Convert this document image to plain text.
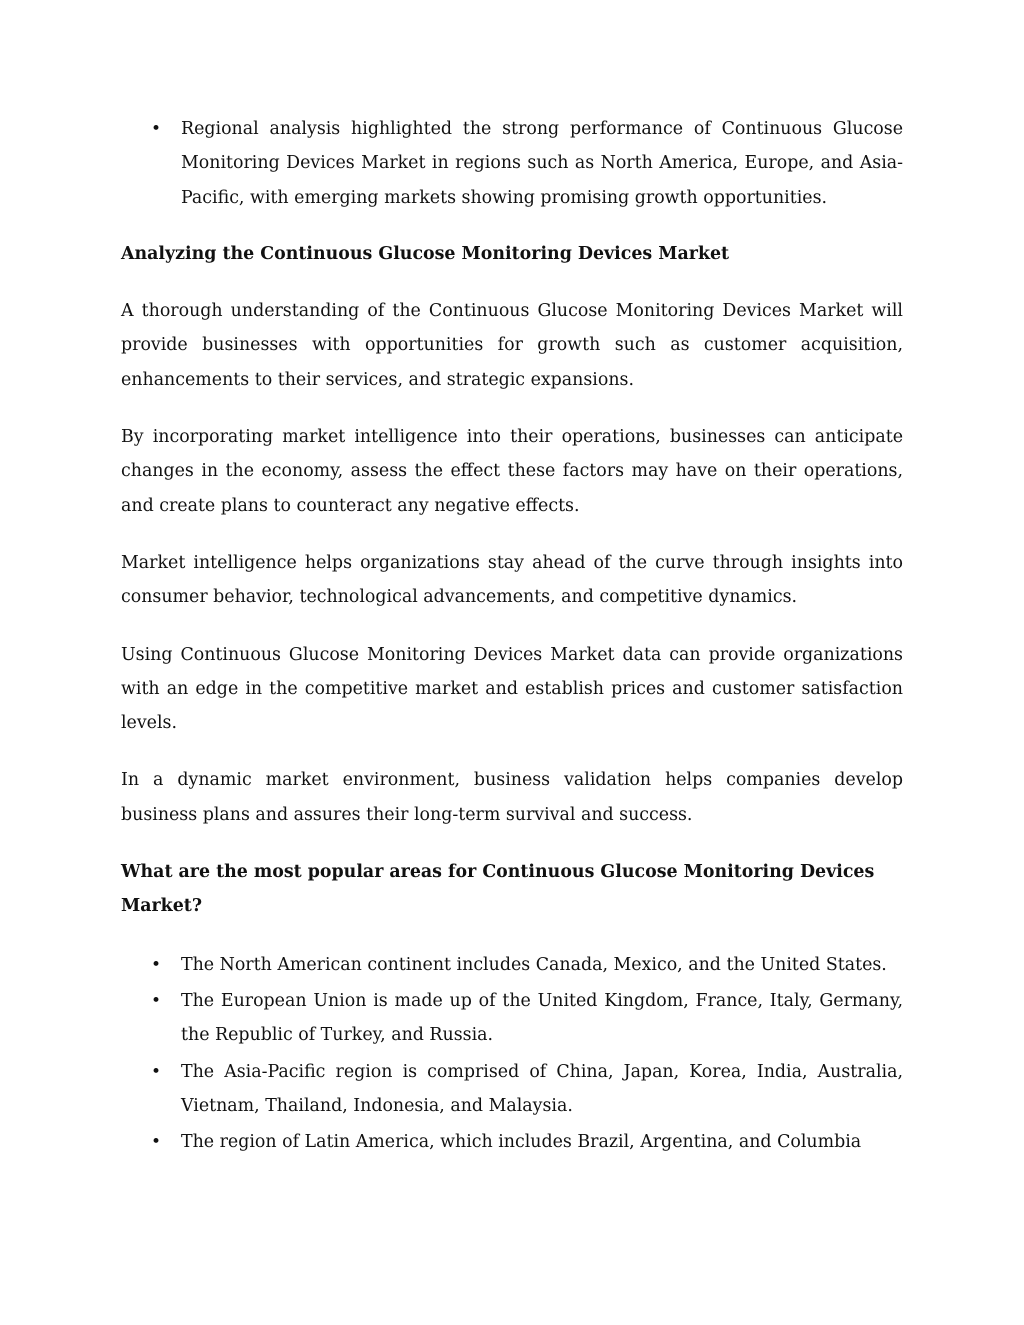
• Regional analysis highlighted the strong performance of Continuous Glucose Monitoring Devices Market in regions such as North America, Europe, and Asia-Pacific, with emerging markets showing promising growth opportunities.
Analyzing the Continuous Glucose Monitoring Devices Market

A thorough understanding of the Continuous Glucose Monitoring Devices Market will provide businesses with opportunities for growth such as customer acquisition, enhancements to their services, and strategic expansions.

By incorporating market intelligence into their operations, businesses can anticipate changes in the economy, assess the effect these factors may have on their operations, and create plans to counteract any negative effects.

Market intelligence helps organizations stay ahead of the curve through insights into consumer behavior, technological advancements, and competitive dynamics.

Using Continuous Glucose Monitoring Devices Market data can provide organizations with an edge in the competitive market and establish prices and customer satisfaction levels.

In a dynamic market environment, business validation helps companies develop business plans and assures their long-term survival and success.

What are the most popular areas for Continuous Glucose Monitoring Devices Market?
• The North American continent includes Canada, Mexico, and the United States.
• The European Union is made up of the United Kingdom, France, Italy, Germany, the Republic of Turkey, and Russia.
• The Asia-Pacific region is comprised of China, Japan, Korea, India, Australia, Vietnam, Thailand, Indonesia, and Malaysia.
• The region of Latin America, which includes Brazil, Argentina, and Columbia
